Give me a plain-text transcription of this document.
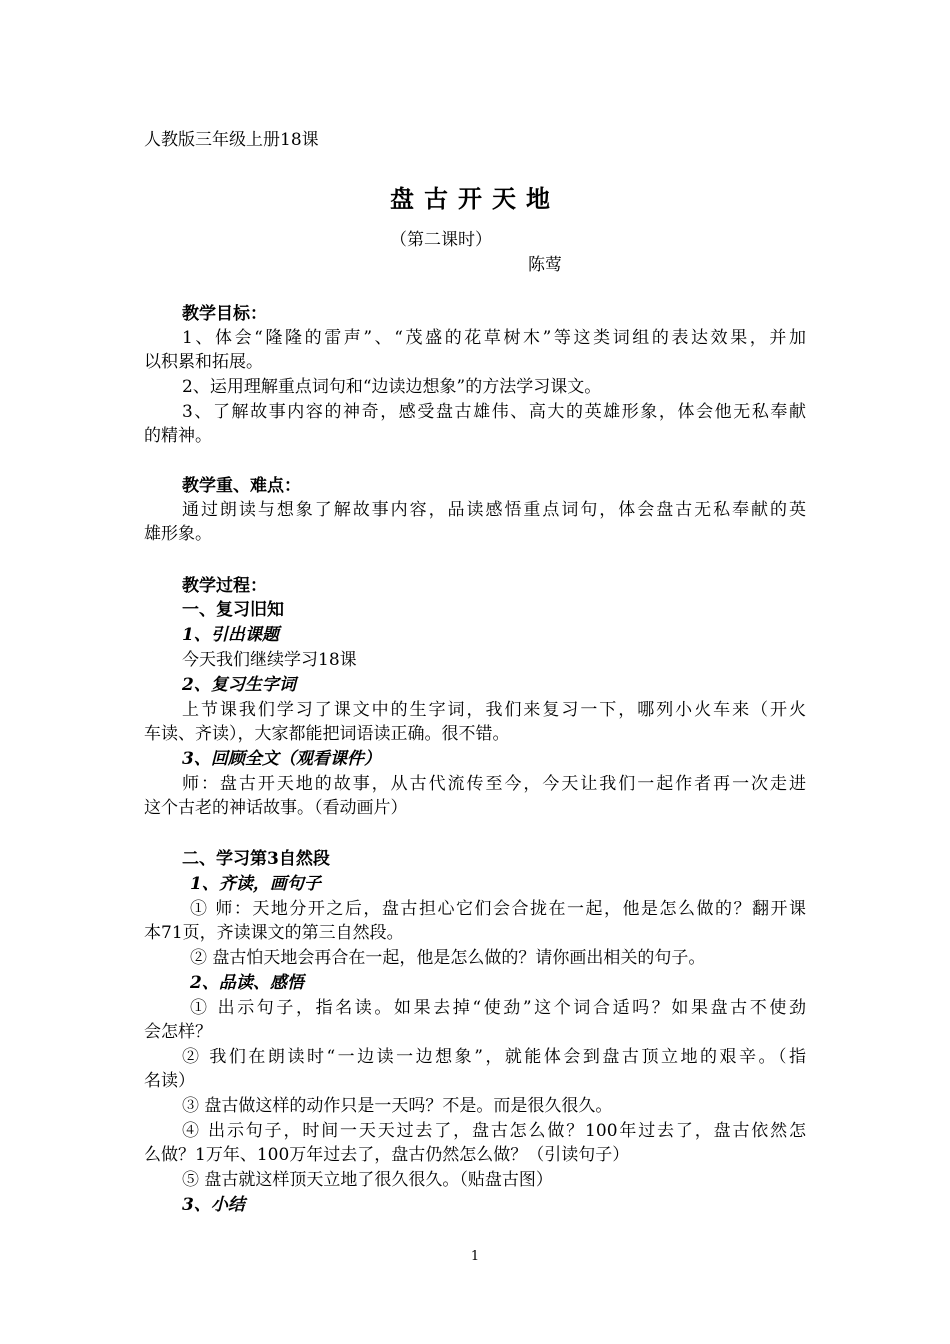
人教版三年级上册18课
盘古开天地
（第二课时）
陈莺
教学目标：
1、体会“隆隆的雷声”、“茂盛的花草树木”等这类词组的表达效果，并加
以积累和拓展。
2、运用理解重点词句和“边读边想象”的方法学习课文。
3、了解故事内容的神奇，感受盘古雄伟、高大的英雄形象，体会他无私奉献
的精神。
教学重、难点：
通过朗读与想象了解故事内容，品读感悟重点词句，体会盘古无私奉献的英
雄形象。
教学过程：
一、复习旧知
1、引出课题
今天我们继续学习18课
2、复习生字词
上节课我们学习了课文中的生字词，我们来复习一下，哪列小火车来（开火
车读、齐读），大家都能把词语读正确。很不错。
3、回顾全文（观看课件）
师：盘古开天地的故事，从古代流传至今，今天让我们一起作者再一次走进
这个古老的神话故事。（看动画片）
二、学习第3自然段
1、齐读，画句子
① 师：天地分开之后，盘古担心它们会合拢在一起，他是怎么做的？翻开课
本71页，齐读课文的第三自然段。
② 盘古怕天地会再合在一起，他是怎么做的？请你画出相关的句子。
2、品读、感悟
① 出示句子，指名读。如果去掉“使劲”这个词合适吗？如果盘古不使劲
会怎样？
② 我们在朗读时“一边读一边想象”，就能体会到盘古顶立地的艰辛。（指
名读）
③ 盘古做这样的动作只是一天吗？不是。而是很久很久。
④ 出示句子，时间一天天过去了，盘古怎么做？100年过去了，盘古依然怎
么做？1万年、100万年过去了，盘古仍然怎么做？（引读句子）
⑤ 盘古就这样顶天立地了很久很久。（贴盘古图）
3、小结
1
